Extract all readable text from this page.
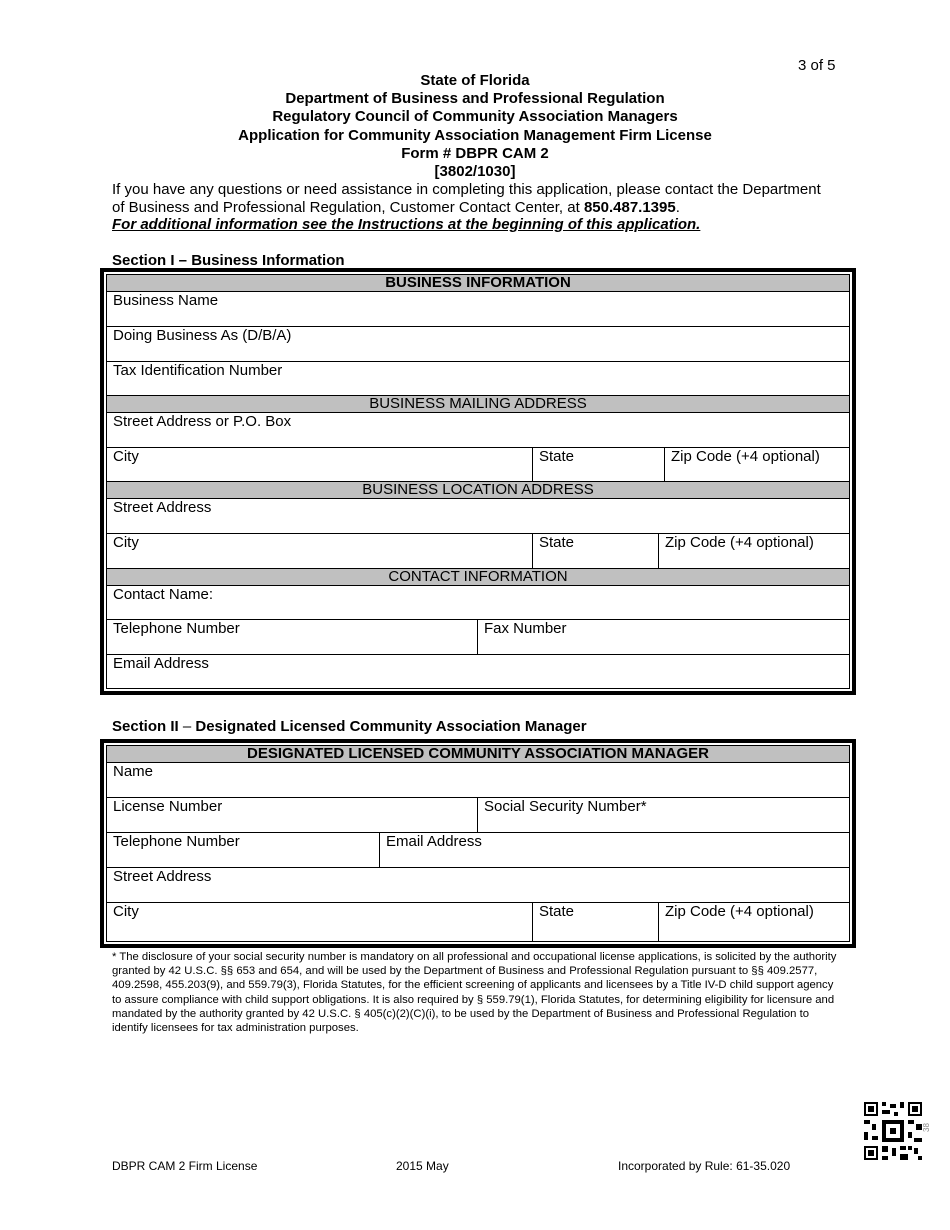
3 of 5
State of Florida
Department of Business and Professional Regulation
Regulatory Council of Community Association Managers
Application for Community Association Management Firm License
Form # DBPR CAM 2
[3802/1030]
If you have any questions or need assistance in completing this application, please contact the Department of Business and Professional Regulation, Customer Contact Center, at 850.487.1395.
For additional information see the Instructions at the beginning of this application.
Section I – Business Information
BUSINESS INFORMATION
Business Name
Doing Business As (D/B/A)
Tax Identification Number
BUSINESS MAILING ADDRESS
Street Address or P.O. Box
City	State	Zip Code (+4 optional)
BUSINESS LOCATION ADDRESS
Street Address
City	State	Zip Code (+4 optional)
CONTACT INFORMATION
Contact Name:
Telephone Number	Fax Number
Email Address
Section II – Designated Licensed Community Association Manager
DESIGNATED LICENSED COMMUNITY ASSOCIATION MANAGER
Name
License Number	Social Security Number*
Telephone Number	Email Address
Street Address
City	State	Zip Code (+4 optional)
* The disclosure of your social security number is mandatory on all professional and occupational license applications, is solicited by the authority granted by 42 U.S.C. §§ 653 and 654, and will be used by the Department of Business and Professional Regulation pursuant to §§ 409.2577, 409.2598, 455.203(9), and 559.79(3), Florida Statutes, for the efficient screening of applicants and licensees by a Title IV-D child support agency to assure compliance with child support obligations. It is also required by § 559.79(1), Florida Statutes, for determining eligibility for licensure and mandated by the authority granted by 42 U.S.C. § 405(c)(2)(C)(i), to be used by the Department of Business and Professional Regulation to identify licensees for tax administration purposes.
38
DBPR CAM 2 Firm License	2015 May	Incorporated by Rule: 61-35.020
